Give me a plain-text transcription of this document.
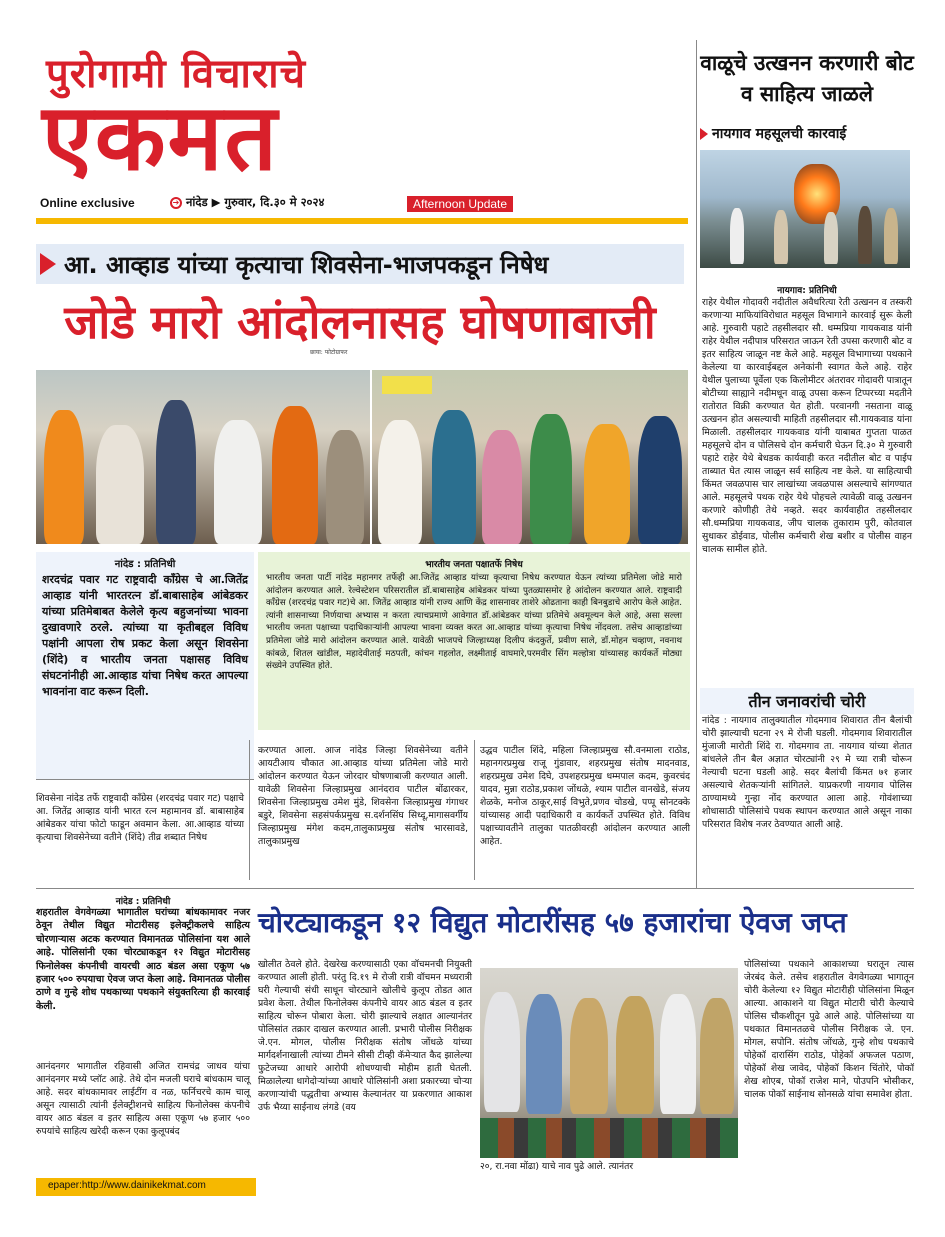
पुरोगामी विचाराचे
एकमत
Online exclusive	➔ नांदेड ▶ गुरुवार, दि.३० मे २०२४	Afternoon Update
आ. आव्हाड यांच्या कृत्याचा शिवसेना-भाजपकडून निषेध
जोडे मारो आंदोलनासह घोषणाबाजी
छाया: फोटोग्राफर
नांदेड : प्रतिनिधी
शरदचंद्र पवार गट राष्ट्रवादी काँग्रेस चे आ.जितेंद्र आव्हाड यांनी भारतरत्न डॉ.बाबासाहेब आंबेडकर यांच्या प्रतिमेबाबत केलेले कृत्य बहुजनांच्या भावना दुखावणारे ठरले. त्यांच्या या कृतीबद्दल विविध पक्षांनी आपला रोष प्रकट केला असून शिवसेना (शिंदे) व भारतीय जनता पक्षासह विविध संघटनांनीही आ.आव्हाड यांचा निषेध करत आपल्या भावनांना वाट करून दिली.
भारतीय जनता पक्षातर्फे निषेध
भारतीय जनता पार्टी नांदेड महानगर तर्फेही आ.जितेंद्र आव्हाड यांच्या कृत्याचा निषेध करण्यात येऊन त्यांच्या प्रतिमेला जोडे मारो आंदोलन करण्यात आले. रेल्वेस्टेशन परिसरातील डॉ.बाबासाहेब आंबेडकर यांच्या पुतळ्यासमोर हे आंदोलन करण्यात आले. राष्ट्रवादी काँग्रेस (शरदचंद्र पवार गट)चे आ. जितेंद्र आव्हाड यांनी राज्य आणि केंद्र शासनावर ताशेरे ओढताना काही बिनबुडाचे आरोप केले आहेत. त्यांनी शासनाच्या निर्णयाचा अभ्यास न करता त्याचप्रमाणे आवेगात डॉ.आंबेडकर यांच्या प्रतिमेचे अवमूल्यन केले आहे, असा सल्ला भारतीय जनता पक्षाच्या पदाधिकाऱ्यांनी आपल्या भावना व्यक्त करत आ.आव्हाड यांच्या कृत्याचा निषेध नोंदवला. तसेच आव्हाडांच्या प्रतिमेला जोडे मारो आंदोलन करण्यात आले. यावेळी भाजपचे जिल्हाध्यक्ष दिलीप कंदकुर्ते, प्रवीण साले, डॉ.मोहन चव्हाण, नवनाथ कांबळे, शितल खांडील, महादेवीताई मठपती, कांचन गहलोत, लक्ष्मीताई वाघमारे,परमवीर सिंग मल्होत्रा यांच्यासह कार्यकर्ते मोठ्या संख्येने उपस्थित होते.
शिवसेना नांदेड तर्फे राष्ट्रवादी काँग्रेस (शरदचंद्र पवार गट) पक्षाचे आ. जितेंद्र आव्हाड यांनी भारत रत्न महामानव डॉ. बाबासाहेब आंबेडकर यांचा फोटो फाडून अवमान केला. आ.आव्हाड यांच्या कृत्याचा शिवसेनेच्या वतीने (शिंदे) तीव्र शब्दात निषेध
करण्यात आला. आज नांदेड जिल्हा शिवसेनेच्या वतीने आयटीआय चौकात आ.आव्हाड यांच्या प्रतिमेला जोडे मारो आंदोलन करण्यात येऊन जोरदार घोषणाबाजी करण्यात आली. यावेळी शिवसेना जिल्हाप्रमुख आनंदराव पाटील बोंढारकर, शिवसेना जिल्हाप्रमुख उमेश मुंडे, शिवसेना जिल्हाप्रमुख गंगाधर बडुरे, शिवसेना सहसंपर्कप्रमुख स.दर्शनसिंघ सिध्दू,मागासवर्गीय जिल्हाप्रमुख मंगेश कदम,तालुकाप्रमुख संतोष भारसावडे, तालुकाप्रमुख
उद्धव पाटील शिंदे, महिला जिल्हाप्रमुख सौ.वनमाला राठोड, महानगरप्रमुख राजू गुंडावार, शहरप्रमुख संतोष मादनवाड, शहरप्रमुख उमेश दिघे, उपशहरप्रमुख धम्मपाल कदम, कुवरचंद यादव, मुन्ना राठोड,प्रकाश जोंधळे, श्याम पाटील वानखेडे, संजय शेळके, मनोज ठाकूर,साई विभुते,प्रणव चोडखे, पप्पू सोनटक्के यांच्यासह आदी पदाधिकारी व कार्यकर्ते उपस्थित होते. विविध पक्षाच्यावतीने तालुका पातळीवरही आंदोलन करण्यात आली आहेत.
वाळूचे उत्खनन करणारी बोट व साहित्य जाळले
नायगाव महसूलची कारवाई
नायगाव: प्रतिनिधी
राहेर येथील गोदावरी नदीतील अवैधरित्या रेती उत्खनन व तस्करी करणाऱ्या माफियांविरोधात महसूल विभागाने कारवाई सुरू केली आहे. गुरुवारी पहाटे तहसीलदार सौ. धम्मप्रिया गायकवाड यांनी राहेर येथील नदीपात्र परिसरात जाऊन रेती उपसा करणारी बोट व इतर साहित्य जाळून नष्ट केले आहे. महसूल विभागाच्या पथकाने केलेल्या या कारवाईबद्दल अनेकांनी स्वागत केले आहे. राहेर येथील पुलाच्या पूर्वेला एक किलोमीटर अंतरावर गोदावरी पात्रातून बोटीच्या साह्याने नदीमधून वाळू उपसा करून टिप्परच्या मदतीने रातोरात विक्री करण्यात येत होती. परवानगी नसताना वाळू उत्खनन होत असल्याची माहिती तहसीलदार सौ.गायकवाड यांना मिळाली. तहसीलदार गायकवाड यांनी याबाबत गुप्तता पाळत महसूलचे दोन व पोलिसचे दोन कर्मचारी घेऊन दि.३० मे गुरुवारी पहाटे राहेर येथे बेधडक कार्यवाही करत नदीतील बोट व पाईप ताब्यात घेत त्यास जाळून सर्व साहित्य नष्ट केले. या साहित्याची किंमत जवळपास चार लाखांच्या जवळपास असल्याचे सांगण्यात आले. महसूलचे पथक राहेर येथे पोहचले त्यावेळी वाळू उत्खनन करणारे कोणीही तेथे नव्हते. सदर कार्यवाहीत तहसीलदार सौ.धम्मप्रिया गायकवाड, जीप चालक तुकाराम पुरी, कोतवाल सुधाकर डोईवाड, पोलीस कर्मचारी शेख बशीर व पोलीस वाहन चालक सामील होते.
तीन जनावरांची चोरी
नांदेड : नायगाव तालुक्यातील गोदमगाव शिवारात तीन बैलांची चोरी झाल्याची घटना २९ मे रोजी घडली. गोदमगाव शिवारातील मुंजाजी मारोती शिंदे रा. गोदमगाव ता. नायगाव यांच्या शेतात बांधलेले तीन बैल अज्ञात चोरट्यांनी २९ मे च्या रात्री चोरून नेल्याची घटना घडली आहे. सदर बैलांची किंमत ७१ हजार असल्याचे शेतकऱ्यांनी सांगितले. याप्रकरणी नायगाव पोलिस ठाण्यामध्ये गुन्हा नोंद करण्यात आला आहे. गोवंशाच्या शोधासाठी पोलिसांचे पथक स्थापन करण्यात आले असून नाका परिसरात विशेष नजर ठेवण्यात आली आहे.
नांदेड : प्रतिनिधी
शहरातील वेगवेगळ्या भागातील घरांच्या बांधकामावर नजर ठेवून तेथील विद्युत मोटारीसह इलेक्ट्रीकलचे साहित्य चोरणाऱ्यास अटक करण्यात विमानतळ पोलिसांना यश आले आहे. पोलिसांनी एका चोरट्याकडून १२ विद्युत मोटारीसह फिनोलेक्स कंपनीची वायरची आठ बंडल असा एकूण ५७ हजार ५०० रुपयाचा ऐवज जप्त केला आहे. विमानतळ पोलीस ठाणे व गुन्हे शोध पथकाच्या पथकाने संयुक्तरित्या ही कारवाई केली.
चोरट्याकडून १२ विद्युत मोटारींसह ५७ हजारांचा ऐवज जप्त
आनंदनगर भागातील रहिवासी अजित रामचंद्र जाधव यांचा आनंदनगर मध्ये प्लॉट आहे. तेथे दोन मजली घराचे बांधकाम चालू आहे. सदर बांधकामावर लाईटींग व नळ, फर्निचरचे काम चालू असून त्यासाठी त्यांनी ईलेक्ट्रीशनचे साहित्य फिनोलेक्स कंपनीचे वायर आठ बंडल व इतर साहित्य असा एकूण ५७ हजार ५०० रुपयांचे साहित्य खरेदी करून एका कुलूपबंद
खोलीत ठेवले होते. देखरेख करण्यासाठी एका वॉचमनची नियुक्ती करण्यात आली होती. परंतु दि.१९ मे रोजी रात्री वॉचमन मध्यरात्री घरी गेल्याची संधी साधून चोरट्याने खोलीचे कुलूप तोडत आत प्रवेश केला. तेथील फिनोलेक्स कंपनीचे वायर आठ बंडल व इतर साहित्य चोरून पोबारा केला. चोरी झाल्याचे लक्षात आल्यानंतर पोलिसांत तक्रार दाखल करण्यात आली. प्रभारी पोलीस निरीक्षक जे.एन. मोगल, पोलीस निरीक्षक संतोष जोंधळे यांच्या मार्गदर्शनाखाली त्यांच्या टीमने सीसी टीव्ही कॅमेऱ्यात कैद झालेल्या फुटेजच्या आधारे आरोपी शोधण्याची मोहीम हाती घेतली. मिळालेल्या धागेदोऱ्यांच्या आधारे पोलिसांनी अशा प्रकारच्या चोऱ्या करणाऱ्यांची पद्धतीचा अभ्यास केल्यानंतर या प्रकरणात आकाश उर्फ भैय्या साईनाथ लंगडे (वय
२०, रा.नवा मोंढा) याचे नाव पुढे आले. त्यानंतर
पोलिसांच्या पथकाने आकाशच्या घरातून त्यास जेरबंद केले. तसेच शहरातील वेगवेगळ्या भागातून चोरी केलेल्या १२ विद्युत मोटारीही पोलिसांना मिळून आल्या. आकाशने या विद्युत मोटारी चोरी केल्याचे पोलिस चौकशीतून पुढे आले आहे. पोलिसांच्या या पथकात विमानतळचे पोलीस निरीक्षक जे. एन. मोगल, सपोनि. संतोष जोंधळे, गुन्हे शोध पथकाचे पोहेकॉ दारासिंग राठोड, पोहेकॉ अफजल पठाण, पोहेकॉ शेख जावेद, पोहेकॉ किशन चिंतोरे, पोकॉ शेख शोएब, पोकॉ राजेश माने, पोउपनि भोसीकर, चालक पोकॉ साईनाथ सोनसळे यांचा समावेश होता.
epaper:http://www.dainikekmat.com
